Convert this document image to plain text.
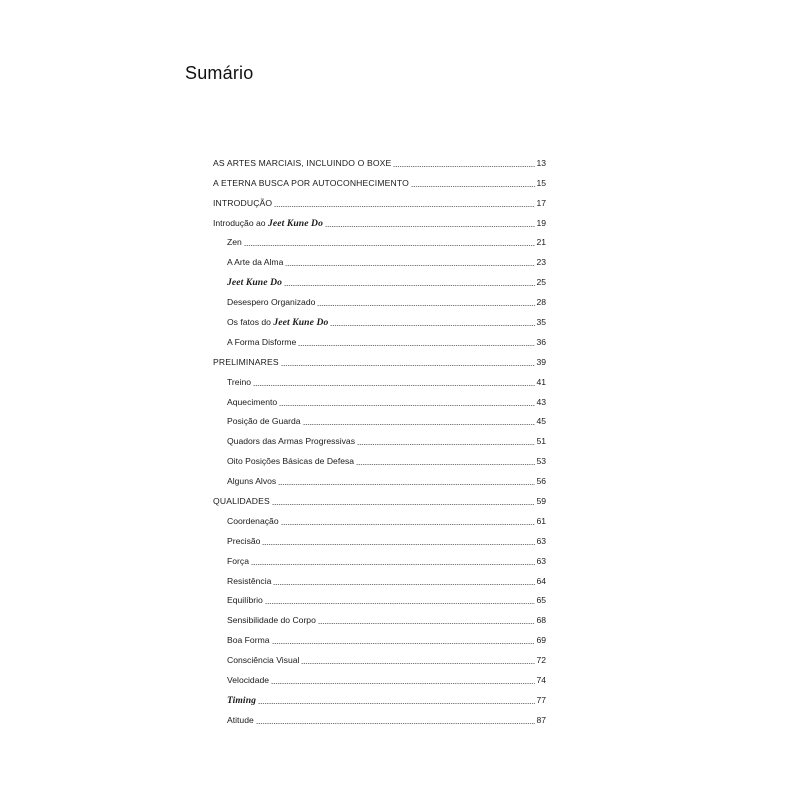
Sumário
AS ARTES MARCIAIS, INCLUINDO O BOXE	13
A ETERNA BUSCA POR AUTOCONHECIMENTO	15
INTRODUÇÃO	17
Introdução ao Jeet Kune Do	19
Zen	21
A Arte da Alma	23
Jeet Kune Do	25
Desespero Organizado	28
Os fatos do Jeet Kune Do	35
A Forma Disforme	36
PRELIMINARES	39
Treino	41
Aquecimento	43
Posição de Guarda	45
Quadors das Armas Progressivas	51
Oito Posições Básicas de Defesa	53
Alguns Alvos	56
QUALIDADES	59
Coordenação	61
Precisão	63
Força	63
Resistência	64
Equilíbrio	65
Sensibilidade do Corpo	68
Boa Forma	69
Consciência Visual	72
Velocidade	74
Timing	77
Atitude	87
